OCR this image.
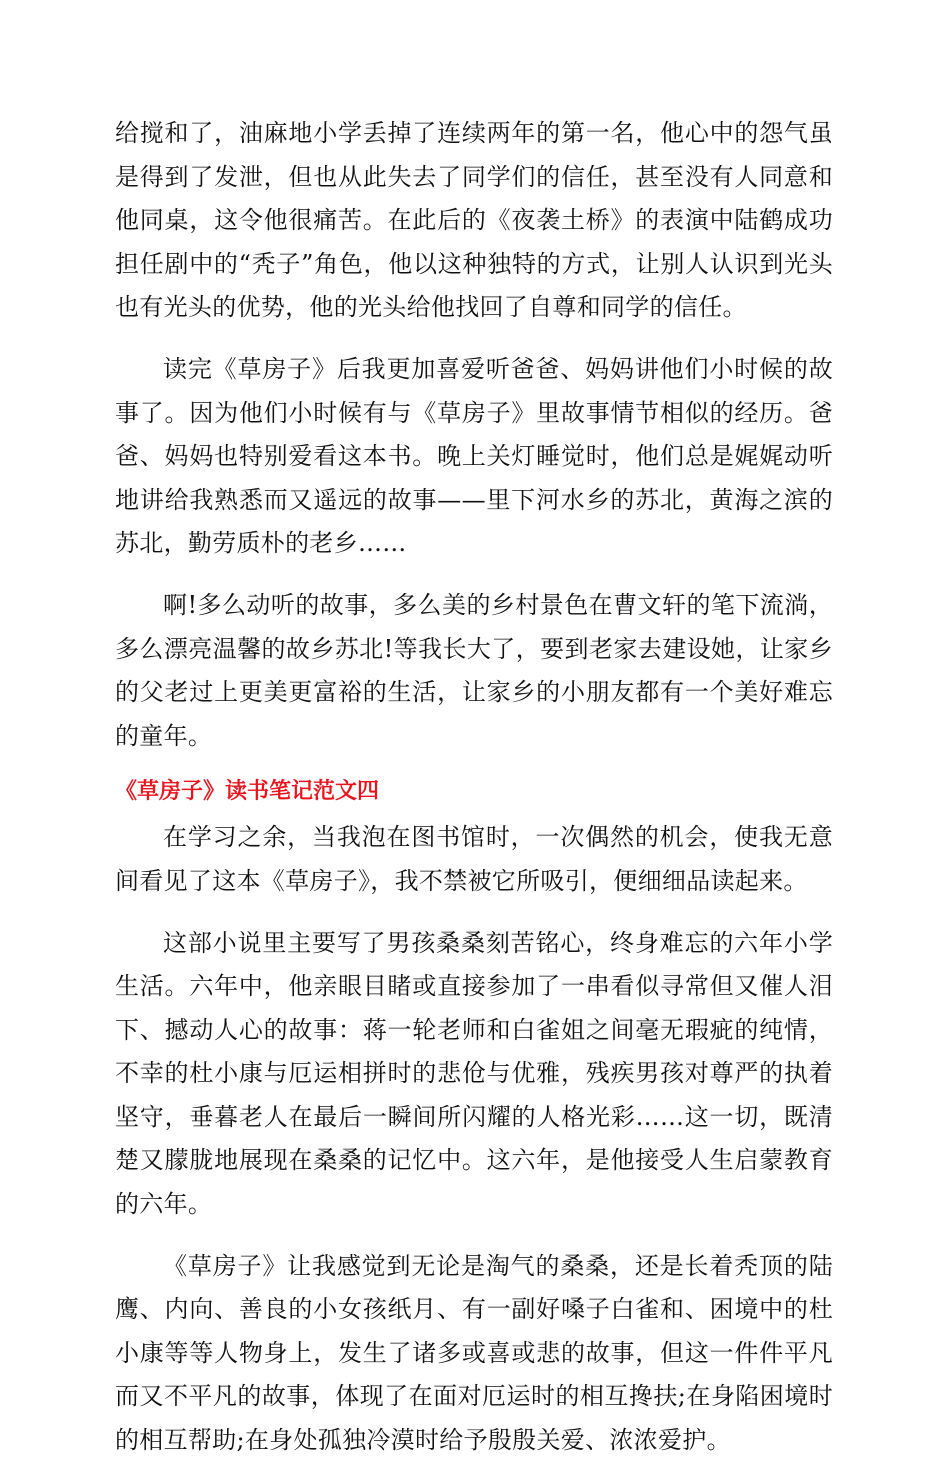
给搅和了，油麻地小学丢掉了连续两年的第一名，他心中的怨气虽是得到了发泄，但也从此失去了同学们的信任，甚至没有人同意和他同桌，这令他很痛苦。在此后的《夜袭土桥》的表演中陆鹤成功担任剧中的“秃子”角色，他以这种独特的方式，让别人认识到光头也有光头的优势，他的光头给他找回了自尊和同学的信任。

读完《草房子》后我更加喜爱听爸爸、妈妈讲他们小时候的故事了。因为他们小时候有与《草房子》里故事情节相似的经历。爸爸、妈妈也特别爱看这本书。晚上关灯睡觉时，他们总是娓娓动听地讲给我熟悉而又遥远的故事——里下河水乡的苏北，黄海之滨的苏北，勤劳质朴的老乡……

啊!多么动听的故事，多么美的乡村景色在曹文轩的笔下流淌，多么漂亮温馨的故乡苏北!等我长大了，要到老家去建设她，让家乡的父老过上更美更富裕的生活，让家乡的小朋友都有一个美好难忘的童年。

《草房子》读书笔记范文四

在学习之余，当我泡在图书馆时，一次偶然的机会，使我无意间看见了这本《草房子》，我不禁被它所吸引，便细细品读起来。

这部小说里主要写了男孩桑桑刻苦铭心，终身难忘的六年小学生活。六年中，他亲眼目睹或直接参加了一串看似寻常但又催人泪下、撼动人心的故事：蒋一轮老师和白雀姐之间毫无瑕疵的纯情，不幸的杜小康与厄运相拼时的悲伧与优雅，残疾男孩对尊严的执着坚守，垂暮老人在最后一瞬间所闪耀的人格光彩……这一切，既清楚又朦胧地展现在桑桑的记忆中。这六年，是他接受人生启蒙教育的六年。

《草房子》让我感觉到无论是淘气的桑桑，还是长着秃顶的陆鹰、内向、善良的小女孩纸月、有一副好嗓子白雀和、困境中的杜小康等等人物身上，发生了诸多或喜或悲的故事，但这一件件平凡而又不平凡的故事，体现了在面对厄运时的相互搀扶;在身陷困境时的相互帮助;在身处孤独冷漠时给予殷殷关爱、浓浓爱护。
